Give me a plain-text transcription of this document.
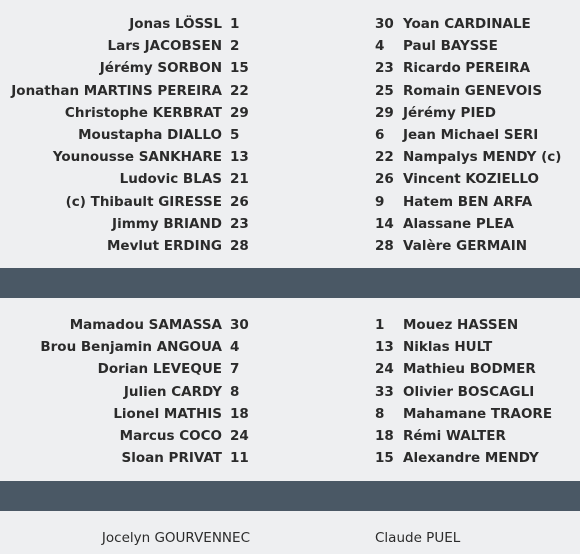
Jonas LÖSSL 1	30 Yoan CARDINALE
Lars JACOBSEN 2	4 Paul BAYSSE
Jérémy SORBON 15	23 Ricardo PEREIRA
Jonathan MARTINS PEREIRA 22	25 Romain GENEVOIS
Christophe KERBRAT 29	29 Jérémy PIED
Moustapha DIALLO 5	6 Jean Michael SERI
Younousse SANKHARE 13	22 Nampalys MENDY (c)
Ludovic BLAS 21	26 Vincent KOZIELLO
(c) Thibault GIRESSE 26	9 Hatem BEN ARFA
Jimmy BRIAND 23	14 Alassane PLEA
Mevlut ERDING 28	28 Valère GERMAIN
Mamadou SAMASSA 30	1 Mouez HASSEN
Brou Benjamin ANGOUA 4	13 Niklas HULT
Dorian LEVEQUE 7	24 Mathieu BODMER
Julien CARDY 8	33 Olivier BOSCAGLI
Lionel MATHIS 18	8 Mahamane TRAORE
Marcus COCO 24	18 Rémi WALTER
Sloan PRIVAT 11	15 Alexandre MENDY
Jocelyn GOURVENNEC	Claude PUEL
